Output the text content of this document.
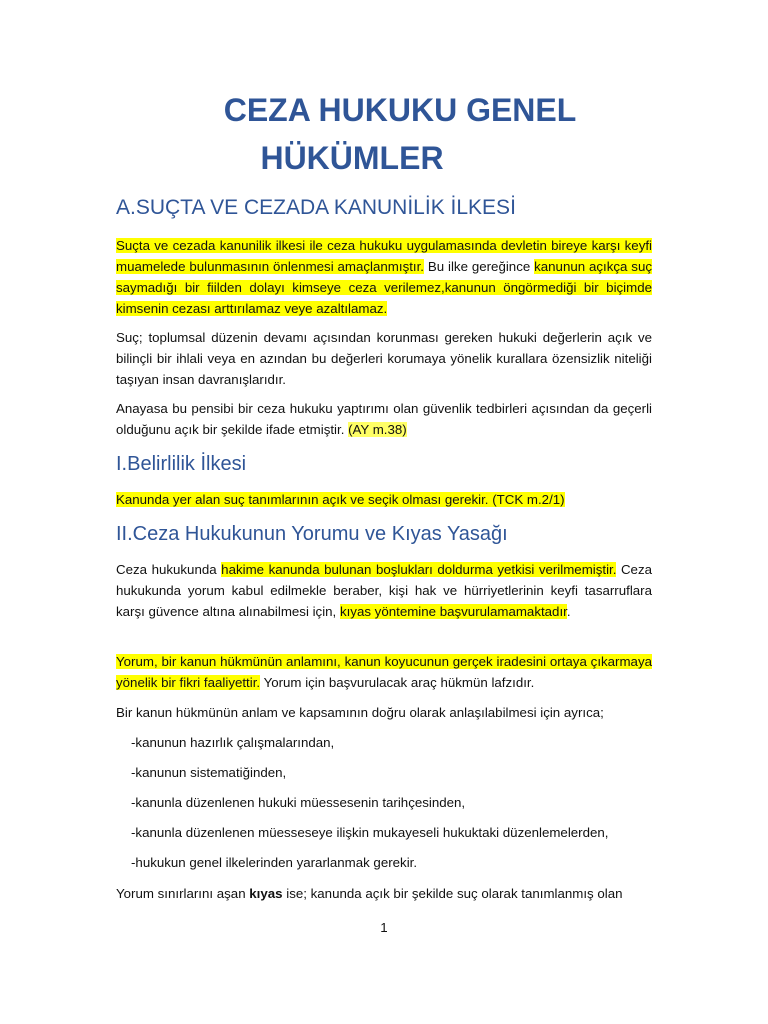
CEZA HUKUKU GENEL
HÜKÜMLER
A.SUÇTA VE CEZADA KANUNİLİK İLKESİ

Suçta ve cezada kanunilik ilkesi ile ceza hukuku uygulamasında devletin bireye karşı keyfi muamelede bulunmasının önlenmesi amaçlanmıştır. Bu ilke gereğince kanunun açıkça suç saymadığı bir fiilden dolayı kimseye ceza verilemez,kanunun öngörmediği bir biçimde kimsenin cezası arttırılamaz veye azaltılamaz.

Suç; toplumsal düzenin devamı açısından korunması gereken hukuki değerlerin açık ve bilinçli bir ihlali veya en azından bu değerleri korumaya yönelik kurallara özensizlik niteliği taşıyan insan davranışlarıdır.

Anayasa bu pensibi bir ceza hukuku yaptırımı olan güvenlik tedbirleri açısından da geçerli olduğunu açık bir şekilde ifade etmiştir. (AY m.38)

I.Belirlilik İlkesi

Kanunda yer alan suç tanımlarının açık ve seçik olması gerekir. (TCK m.2/1)

II.Ceza Hukukunun Yorumu ve Kıyas Yasağı

Ceza hukukunda hakime kanunda bulunan boşlukları doldurma yetkisi verilmemiştir. Ceza hukukunda yorum kabul edilmekle beraber, kişi hak ve hürriyetlerinin keyfi tasarruflara karşı güvence altına alınabilmesi için, kıyas yöntemine başvurulamamaktadır.

Yorum, bir kanun hükmünün anlamını, kanun koyucunun gerçek iradesini ortaya çıkarmaya yönelik bir fikri faaliyettir. Yorum için başvurulacak araç hükmün lafzıdır.

Bir kanun hükmünün anlam ve kapsamının doğru olarak anlaşılabilmesi için ayrıca;

-kanunun hazırlık çalışmalarından,

-kanunun sistematiğinden,

-kanunla düzenlenen hukuki müessesenin tarihçesinden,

-kanunla düzenlenen müesseseye ilişkin mukayeseli hukuktaki düzenlemelerden,

-hukukun genel ilkelerinden yararlanmak gerekir.

Yorum sınırlarını aşan kıyas ise; kanunda açık bir şekilde suç olarak tanımlanmış olan

1
